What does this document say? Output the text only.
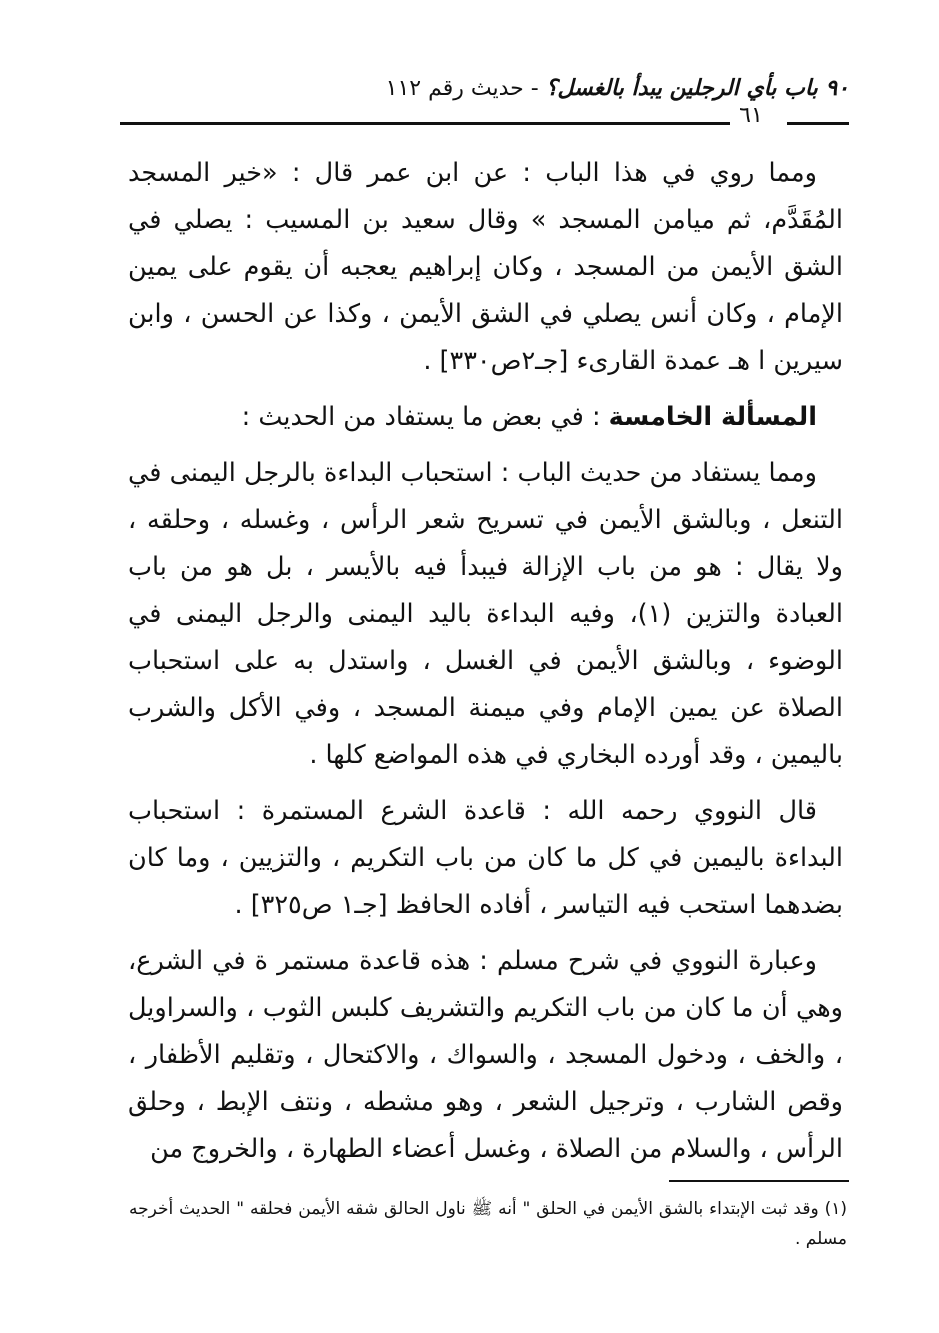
٩٠ باب بأي الرجلين يبدأ بالغسل؟ - حديث رقم ١١٢
٦١

ومما روي في هذا الباب : عن ابن عمر قال : «خير المسجد المُقَدَّم، ثم ميامن المسجد » وقال سعيد بن المسيب : يصلي في الشق الأيمن من المسجد ، وكان إبراهيم يعجبه أن يقوم على يمين الإمام ، وكان أنس يصلي في الشق الأيمن ، وكذا عن الحسن ، وابن سيرين ا هـ عمدة القارىء [جـ٢ص٣٣٠] .

المسألة الخامسة : في بعض ما يستفاد من الحديث :

ومما يستفاد من حديث الباب : استحباب البداءة بالرجل اليمنى في التنعل ، وبالشق الأيمن في تسريح شعر الرأس ، وغسله ، وحلقه ، ولا يقال : هو من باب الإزالة فيبدأ فيه بالأيسر ، بل هو من باب العبادة والتزين (١)، وفيه البداءة باليد اليمنى والرجل اليمنى في الوضوء ، وبالشق الأيمن في الغسل ، واستدل به على استحباب الصلاة عن يمين الإمام وفي ميمنة المسجد ، وفي الأكل والشرب باليمين ، وقد أورده البخاري في هذه المواضع كلها .

قال النووي رحمه الله : قاعدة الشرع المستمرة : استحباب البداءة باليمين في كل ما كان من باب التكريم ، والتزيين ، وما كان بضدهما استحب فيه التياسر ، أفاده الحافظ [جـ١ ص٣٢٥] .

وعبارة النووي في شرح مسلم : هذه قاعدة مستمر ة في الشرع، وهي أن ما كان من باب التكريم والتشريف كلبس الثوب ، والسراويل ، والخف ، ودخول المسجد ، والسواك ، والاكتحال ، وتقليم الأظفار ، وقص الشارب ، وترجيل الشعر ، وهو مشطه ، ونتف الإبط ، وحلق الرأس ، والسلام من الصلاة ، وغسل أعضاء الطهارة ، والخروج من

(١) وقد ثبت الإبتداء بالشق الأيمن في الحلق " أنه ﷺ ناول الحالق شقه الأيمن فحلقه " الحديث أخرجه مسلم .
